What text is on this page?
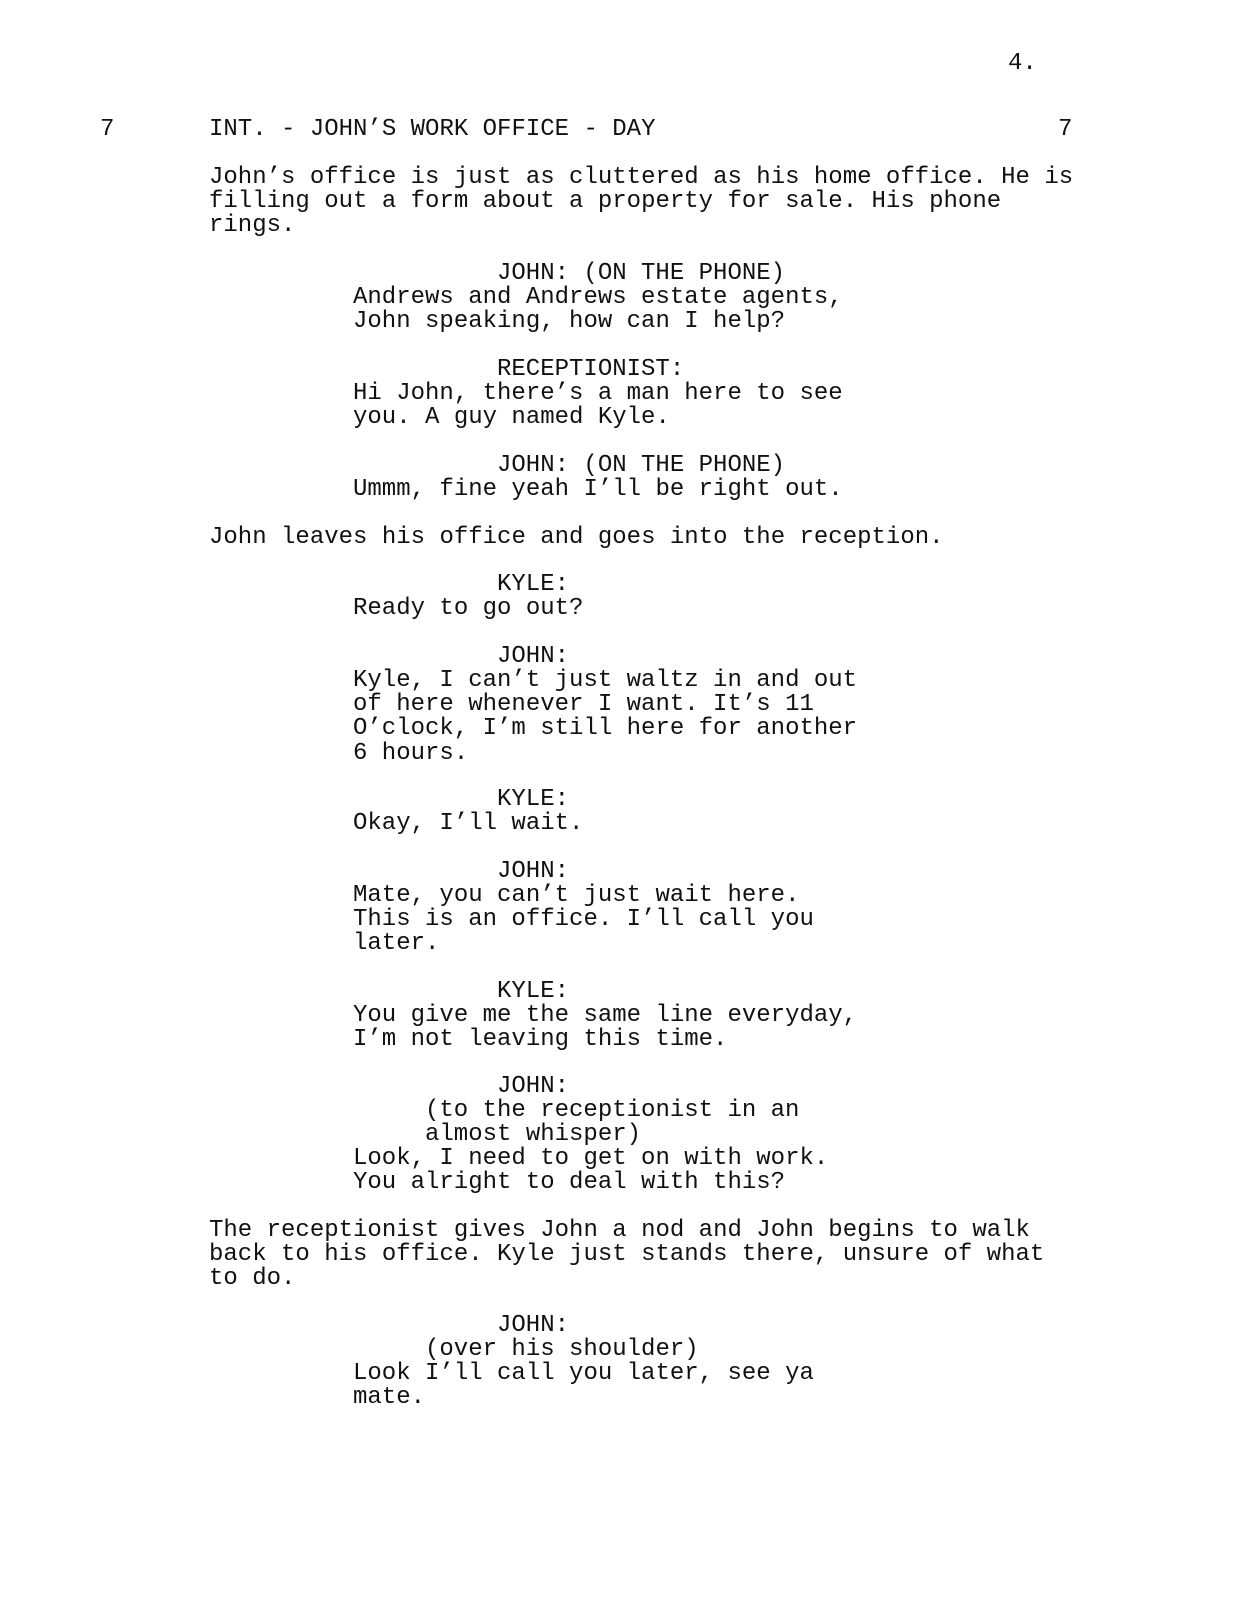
4.
7	INT. - JOHN’S WORK OFFICE - DAY	7

John’s office is just as cluttered as his home office. He is
filling out a form about a property for sale. His phone
rings.

JOHN: (ON THE PHONE)

Andrews and Andrews estate agents,
John speaking, how can I help?

RECEPTIONIST:

Hi John, there’s a man here to see
you. A guy named Kyle.

JOHN: (ON THE PHONE)

Ummm, fine yeah I’ll be right out.

John leaves his office and goes into the reception.

KYLE:

Ready to go out?

JOHN:

Kyle, I can’t just waltz in and out
of here whenever I want. It’s 11
O’clock, I’m still here for another
6 hours.

KYLE:

Okay, I’ll wait.

JOHN:

Mate, you can’t just wait here.
This is an office. I’ll call you
later.

KYLE:

You give me the same line everyday,
I’m not leaving this time.

JOHN:

(to the receptionist in an
almost whisper)

Look, I need to get on with work.
You alright to deal with this?

The receptionist gives John a nod and John begins to walk
back to his office. Kyle just stands there, unsure of what
to do.

JOHN:

(over his shoulder)

Look I’ll call you later, see ya
mate.
